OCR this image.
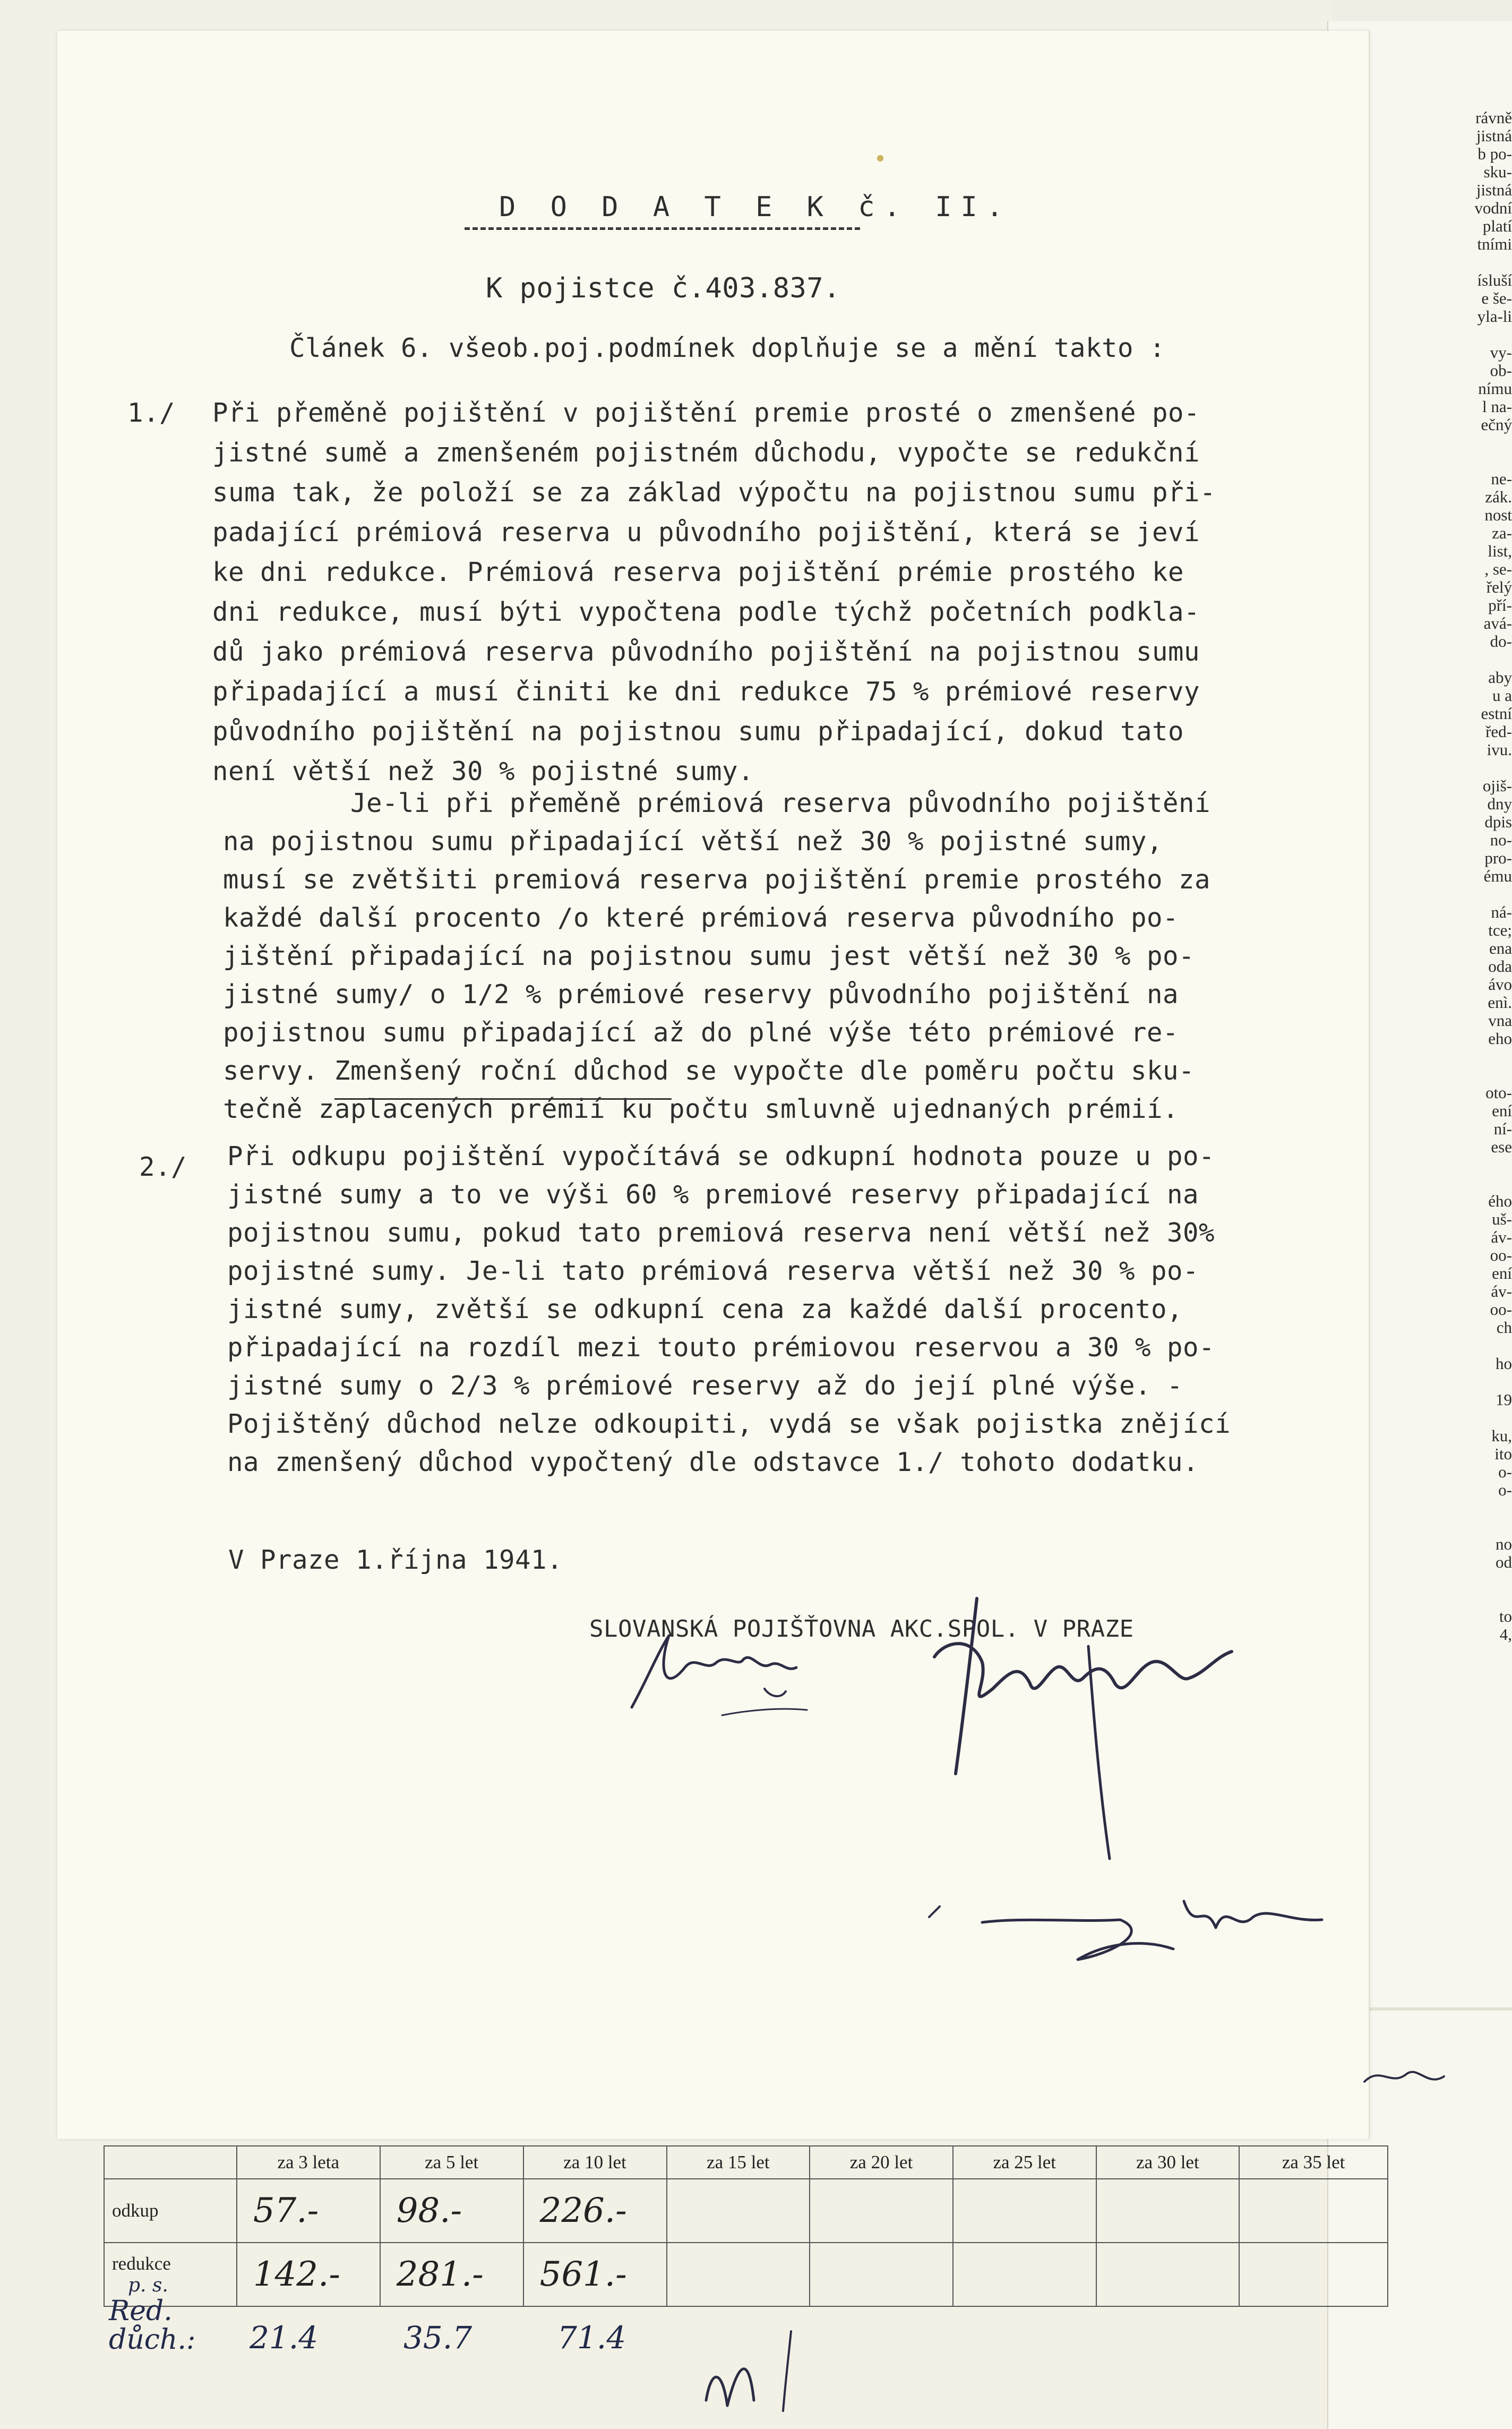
rávně
jistná
b po-
sku-
jistná
vodní
platí
tními
ísluší
e še-
yla-li
vy-
ob-
nímu
l na-
ečný
ne-
zák.
nost
za-
list,
, se-
řelý
pří-
avá-
do-
aby
u a
estní
řed-
ivu.
ojiš-
dny
dpis
no-
pro-
ému
ná-
tce;
ena
oda
ávo
enì.
vna
eho
oto-
ení
ní-
ese
ého
uš-
áv-
oo-
ení
áv-
oo-
ch
ho
19
ku,
ito
o-
o-
no
od
to
4,
D O D A T E K č. II.
K pojistce č.403.837.
Článek 6. všeob.poj.podmínek doplňuje se a mění takto :
1./ Při přeměně pojištění v pojištění premie prosté o zmenšené po-
jistné sumě a zmenšeném pojistném důchodu, vypočte se redukční
suma tak, že položí se za základ výpočtu na pojistnou sumu při-
padající prémiová reserva u původního pojištění, která se jeví
ke dni redukce. Prémiová reserva pojištění prémie prostého ke
dni redukce, musí býti vypočtena podle týchž početních podkla-
dů jako prémiová reserva původního pojištění na pojistnou sumu
připadající a musí činiti ke dni redukce 75 % prémiové reservy
původního pojištění na pojistnou sumu připadající, dokud tato
není větší než 30 % pojistné sumy.
Je-li při přeměně prémiová reserva původního pojištění
na pojistnou sumu připadající větší než 30 % pojistné sumy,
musí se zvětšiti premiová reserva pojištění premie prostého za
každé další procento /o které prémiová reserva původního po-
jištění připadající na pojistnou sumu jest větší než 30 % po-
jistné sumy/ o 1/2 % prémiové reservy původního pojištění na
pojistnou sumu připadající až do plné výše této prémiové re-
servy. Zmenšený roční důchod se vypočte dle poměru počtu sku-
tečně zaplacených prémií ku počtu smluvně ujednaných prémií.
2./ Při odkupu pojištění vypočítává se odkupní hodnota pouze u po-
jistné sumy a to ve výši 60 % premiové reservy připadající na
pojistnou sumu, pokud tato premiová reserva není větší než 30%
pojistné sumy. Je-li tato prémiová reserva větší než 30 % po-
jistné sumy, zvětší se odkupní cena za každé další procento,
připadající na rozdíl mezi touto prémiovou reservou a 30 % po-
jistné sumy o 2/3 % prémiové reservy až do její plné výše. -
Pojištěný důchod nelze odkoupiti, vydá se však pojistka znějící
na zmenšený důchod vypočtený dle odstavce 1./ tohoto dodatku.
V Praze 1.října 1941.
SLOVANSKÁ POJIŠŤOVNA AKC.SPOL. V PRAZE
	za 3 leta	za 5 let	za 10 let	za 15 let	za 20 let	za 25 let	za 30 let	za 35 let

odkup	57.-	98.-	226.-					

redukce
p. s.	142.-	281.-	561.-					
Red.
důch.: 21.4	35.7	71.4
